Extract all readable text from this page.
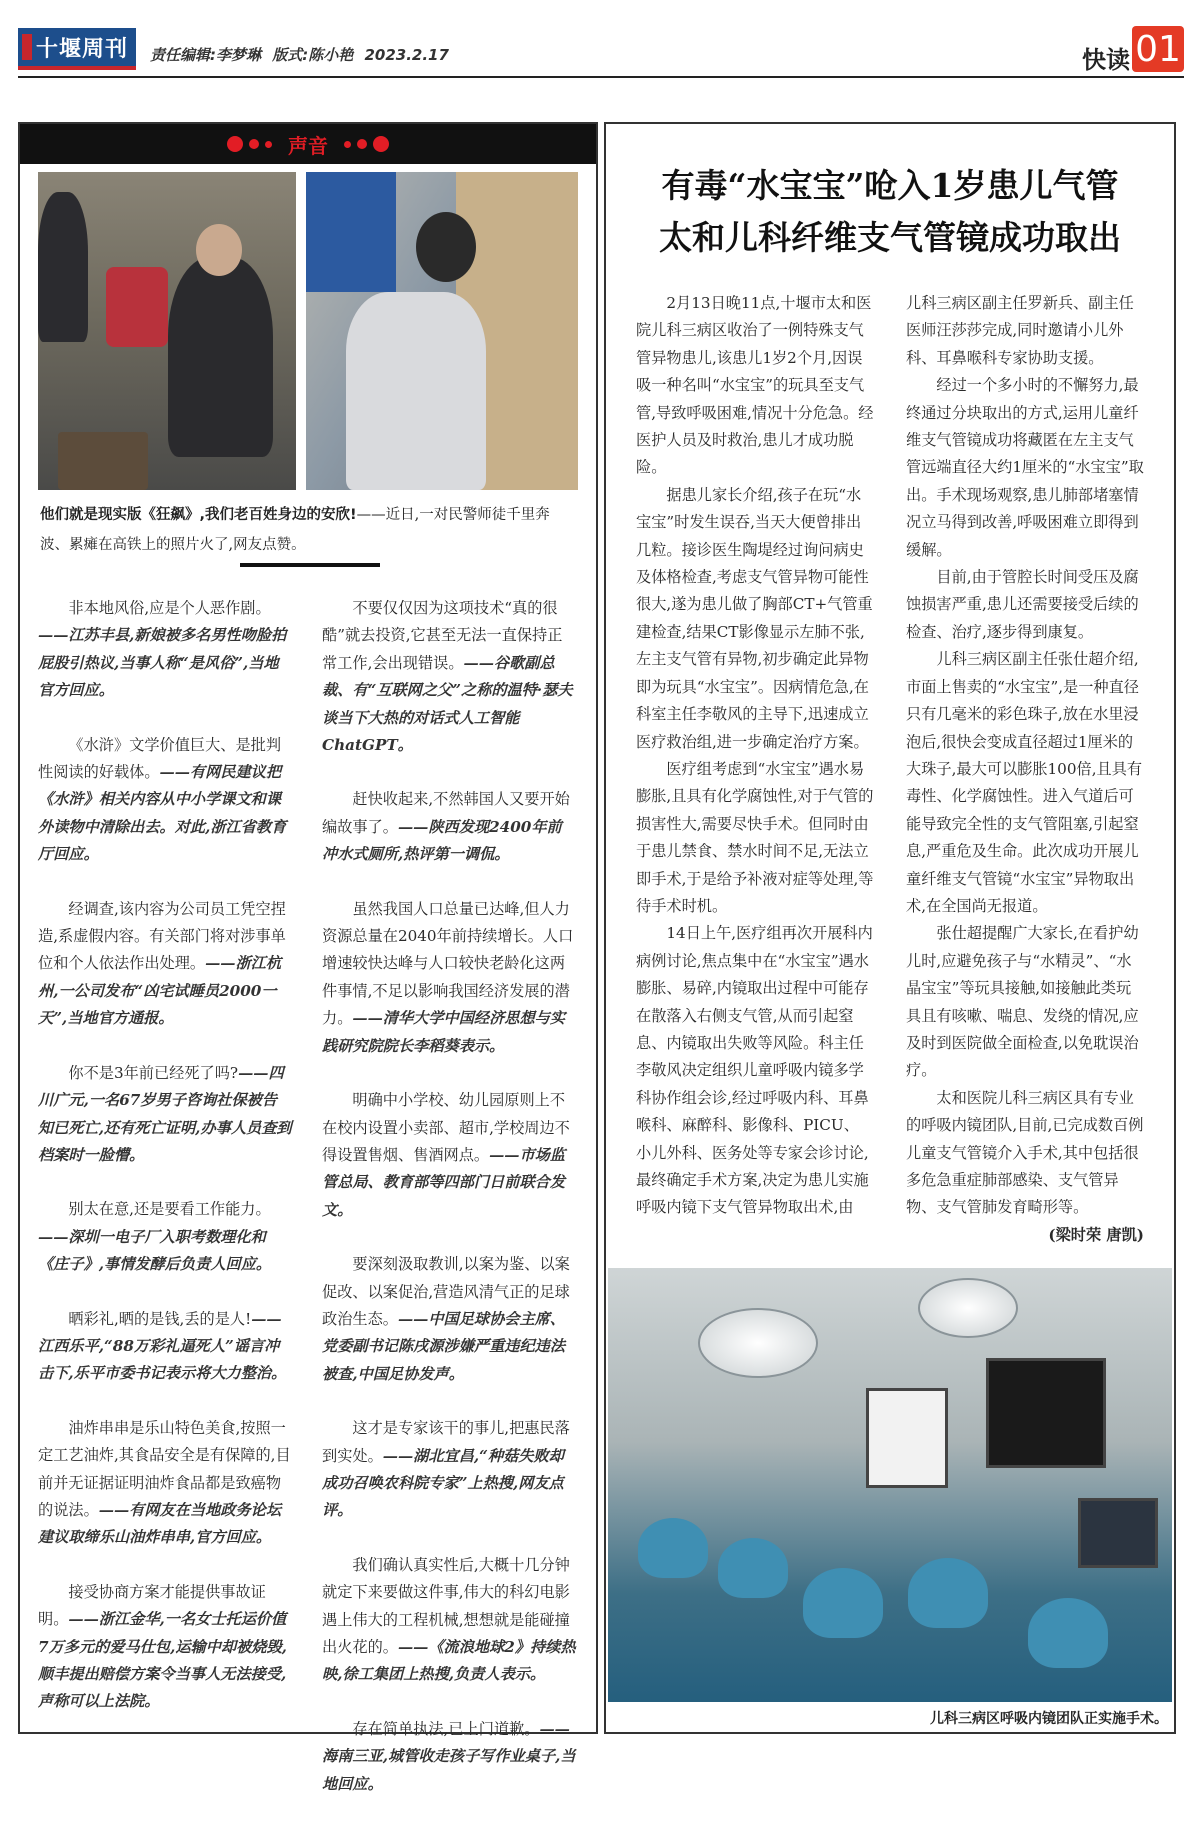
十堰周刊 责任编辑:李梦琳 版式:陈小艳 2023.2.17	快读 01
声音
他们就是现实版《狂飙》,我们老百姓身边的安欣!——近日,一对民警师徒千里奔波、累瘫在高铁上的照片火了,网友点赞。

非本地风俗,应是个人恶作剧。——江苏丰县,新娘被多名男性吻脸拍屁股引热议,当事人称“是风俗”,当地官方回应。

《水浒》文学价值巨大、是批判性阅读的好载体。——有网民建议把《水浒》相关内容从中小学课文和课外读物中清除出去。对此,浙江省教育厅回应。

经调查,该内容为公司员工凭空捏造,系虚假内容。有关部门将对涉事单位和个人依法作出处理。——浙江杭州,一公司发布“凶宅试睡员2000一天”,当地官方通报。

你不是3年前已经死了吗?——四川广元,一名67岁男子咨询社保被告知已死亡,还有死亡证明,办事人员查到档案时一脸懵。

别太在意,还是要看工作能力。——深圳一电子厂入职考数理化和《庄子》,事情发酵后负责人回应。

晒彩礼,晒的是钱,丢的是人!——江西乐平,“88万彩礼逼死人”谣言冲击下,乐平市委书记表示将大力整治。

油炸串串是乐山特色美食,按照一定工艺油炸,其食品安全是有保障的,目前并无证据证明油炸食品都是致癌物的说法。——有网友在当地政务论坛建议取缔乐山油炸串串,官方回应。

接受协商方案才能提供事故证明。——浙江金华,一名女士托运价值7万多元的爱马仕包,运输中却被烧毁,顺丰提出赔偿方案令当事人无法接受,声称可以上法院。

不要仅仅因为这项技术“真的很酷”就去投资,它甚至无法一直保持正常工作,会出现错误。——谷歌副总裁、有“互联网之父”之称的温特·瑟夫谈当下大热的对话式人工智能ChatGPT。

赶快收起来,不然韩国人又要开始编故事了。——陕西发现2400年前冲水式厕所,热评第一调侃。

虽然我国人口总量已达峰,但人力资源总量在2040年前持续增长。人口增速较快达峰与人口较快老龄化这两件事情,不足以影响我国经济发展的潜力。——清华大学中国经济思想与实践研究院院长李稻葵表示。

明确中小学校、幼儿园原则上不在校内设置小卖部、超市,学校周边不得设置售烟、售酒网点。——市场监管总局、教育部等四部门日前联合发文。

要深刻汲取教训,以案为鉴、以案促改、以案促治,营造风清气正的足球政治生态。——中国足球协会主席、党委副书记陈戌源涉嫌严重违纪违法被查,中国足协发声。

这才是专家该干的事儿,把惠民落到实处。——湖北宜昌,“种菇失败却成功召唤农科院专家”上热搜,网友点评。

我们确认真实性后,大概十几分钟就定下来要做这件事,伟大的科幻电影遇上伟大的工程机械,想想就是能碰撞出火花的。——《流浪地球2》持续热映,徐工集团上热搜,负责人表示。

存在简单执法,已上门道歉。——海南三亚,城管收走孩子写作业桌子,当地回应。

有毒“水宝宝”呛入1岁患儿气管
太和儿科纤维支气管镜成功取出

2月13日晚11点,十堰市太和医院儿科三病区收治了一例特殊支气管异物患儿,该患儿1岁2个月,因误吸一种名叫“水宝宝”的玩具至支气管,导致呼吸困难,情况十分危急。经医护人员及时救治,患儿才成功脱险。

据患儿家长介绍,孩子在玩“水宝宝”时发生误吞,当天大便曾排出几粒。接诊医生陶堤经过询问病史及体格检查,考虑支气管异物可能性很大,遂为患儿做了胸部CT+气管重建检查,结果CT影像显示左肺不张,左主支气管有异物,初步确定此异物即为玩具“水宝宝”。因病情危急,在科室主任李敬风的主导下,迅速成立医疗救治组,进一步确定治疗方案。

医疗组考虑到“水宝宝”遇水易膨胀,且具有化学腐蚀性,对于气管的损害性大,需要尽快手术。但同时由于患儿禁食、禁水时间不足,无法立即手术,于是给予补液对症等处理,等待手术时机。

14日上午,医疗组再次开展科内病例讨论,焦点集中在“水宝宝”遇水膨胀、易碎,内镜取出过程中可能存在散落入右侧支气管,从而引起窒息、内镜取出失败等风险。科主任李敬风决定组织儿童呼吸内镜多学科协作组会诊,经过呼吸内科、耳鼻喉科、麻醉科、影像科、PICU、小儿外科、医务处等专家会诊讨论,最终确定手术方案,决定为患儿实施呼吸内镜下支气管异物取出术,由

儿科三病区副主任罗新兵、副主任医师汪莎莎完成,同时邀请小儿外科、耳鼻喉科专家协助支援。

经过一个多小时的不懈努力,最终通过分块取出的方式,运用儿童纤维支气管镜成功将藏匿在左主支气管远端直径大约1厘米的“水宝宝”取出。手术现场观察,患儿肺部堵塞情况立马得到改善,呼吸困难立即得到缓解。

目前,由于管腔长时间受压及腐蚀损害严重,患儿还需要接受后续的检查、治疗,逐步得到康复。

儿科三病区副主任张仕超介绍,市面上售卖的“水宝宝”,是一种直径只有几毫米的彩色珠子,放在水里浸泡后,很快会变成直径超过1厘米的大珠子,最大可以膨胀100倍,且具有毒性、化学腐蚀性。进入气道后可能导致完全性的支气管阻塞,引起窒息,严重危及生命。此次成功开展儿童纤维支气管镜“水宝宝”异物取出术,在全国尚无报道。

张仕超提醒广大家长,在看护幼儿时,应避免孩子与“水精灵”、“水晶宝宝”等玩具接触,如接触此类玩具且有咳嗽、喘息、发绕的情况,应及时到医院做全面检查,以免耽误治疗。

太和医院儿科三病区具有专业的呼吸内镜团队,目前,已完成数百例儿童支气管镜介入手术,其中包括很多危急重症肺部感染、支气管异物、支气管肺发育畸形等。

(梁时荣 唐凯)

儿科三病区呼吸内镜团队正实施手术。
